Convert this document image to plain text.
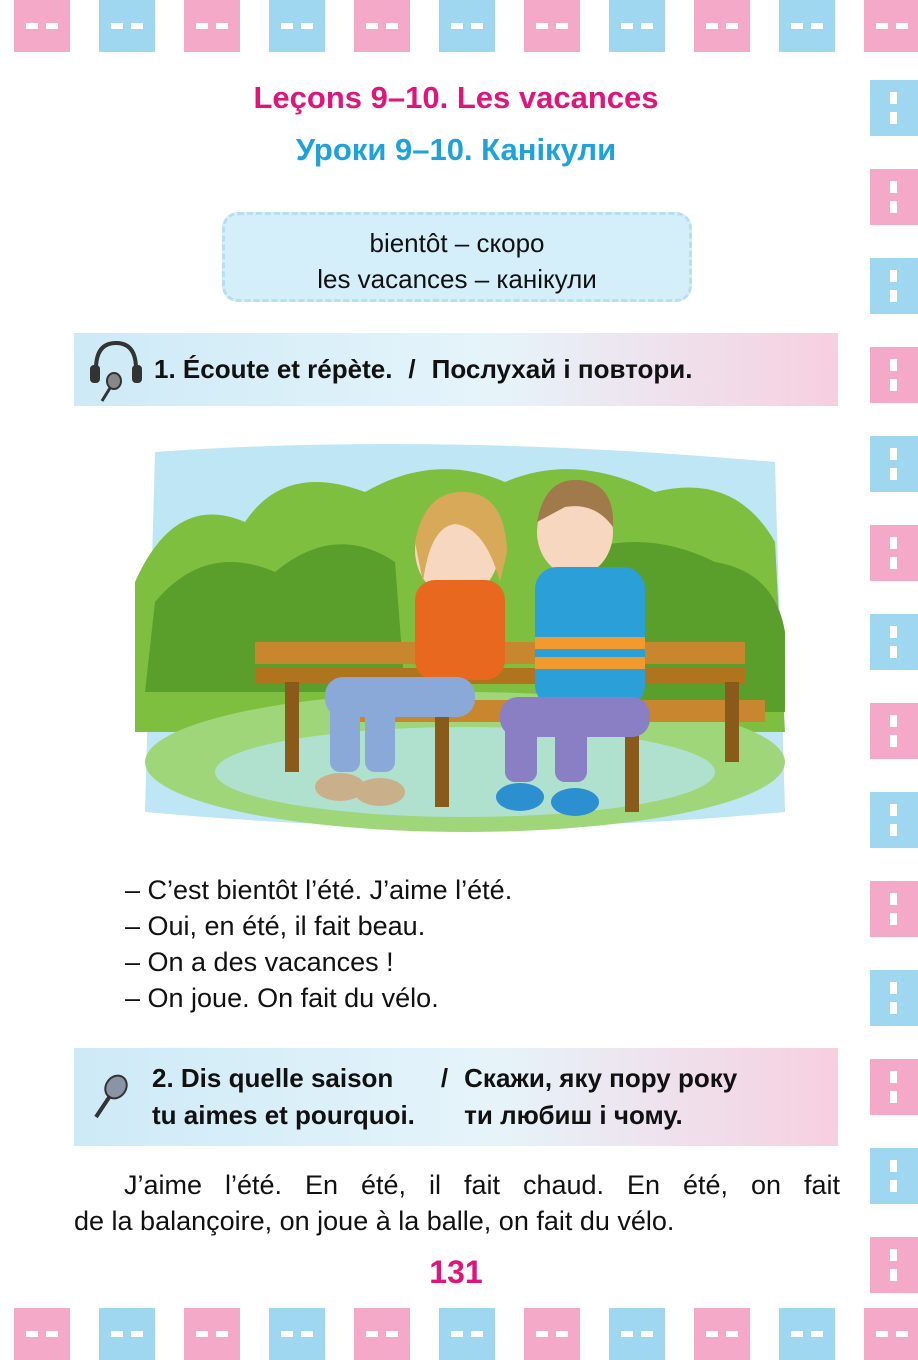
Leçons 9–10. Les vacances
Уроки 9–10. Канікули
bientôt – скоро
les vacances – канікули
1. Écoute et répète. / Послухай і повтори.
– C’est bientôt l’été. J’aime l’été.
– Oui, en été, il fait beau.
– On a des vacances !
– On joue. On fait du vélo.
2. Dis quelle saison	/ Скажи, яку пору року
tu aimes et pourquoi. ти любиш і чому.
J’aime l’été. En été, il fait chaud. En été, on fait
de la balançoire, on joue à la balle, on fait du vélo.
131
